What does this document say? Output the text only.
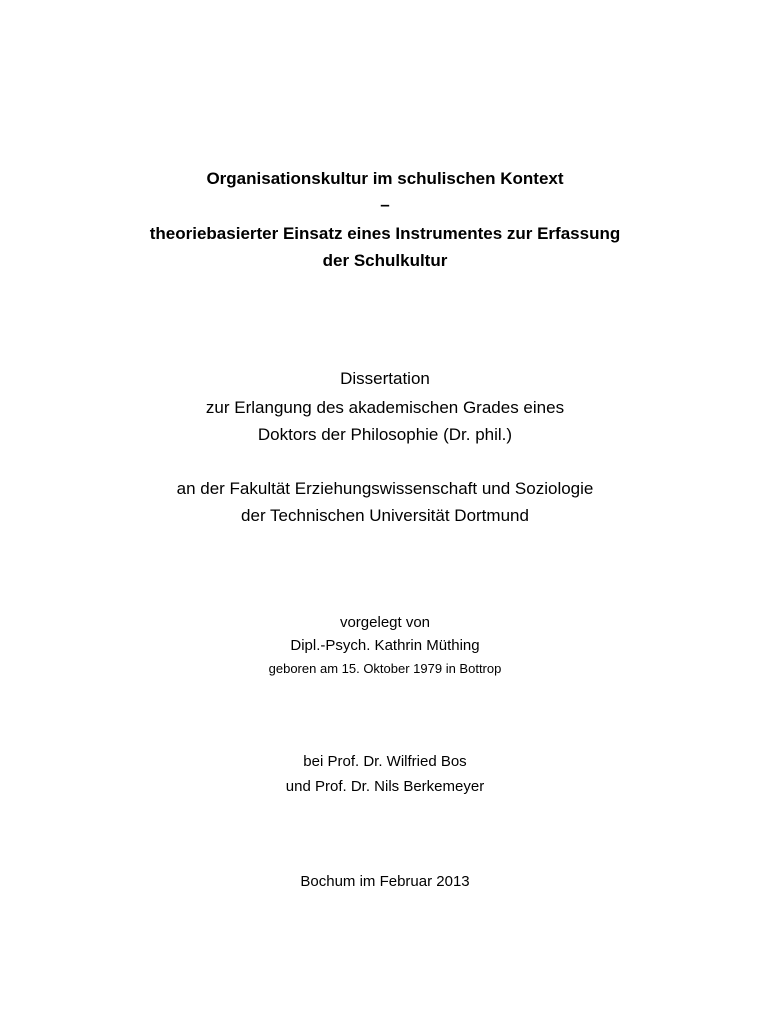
Organisationskultur im schulischen Kontext
–
theoriebasierter Einsatz eines Instrumentes zur Erfassung
der Schulkultur
Dissertation
zur Erlangung des akademischen Grades eines
Doktors der Philosophie (Dr. phil.)
an der Fakultät Erziehungswissenschaft und Soziologie
der Technischen Universität Dortmund
vorgelegt von
Dipl.-Psych. Kathrin Müthing
geboren am 15. Oktober 1979 in Bottrop
bei Prof. Dr. Wilfried Bos
und Prof. Dr. Nils Berkemeyer
Bochum im Februar 2013
